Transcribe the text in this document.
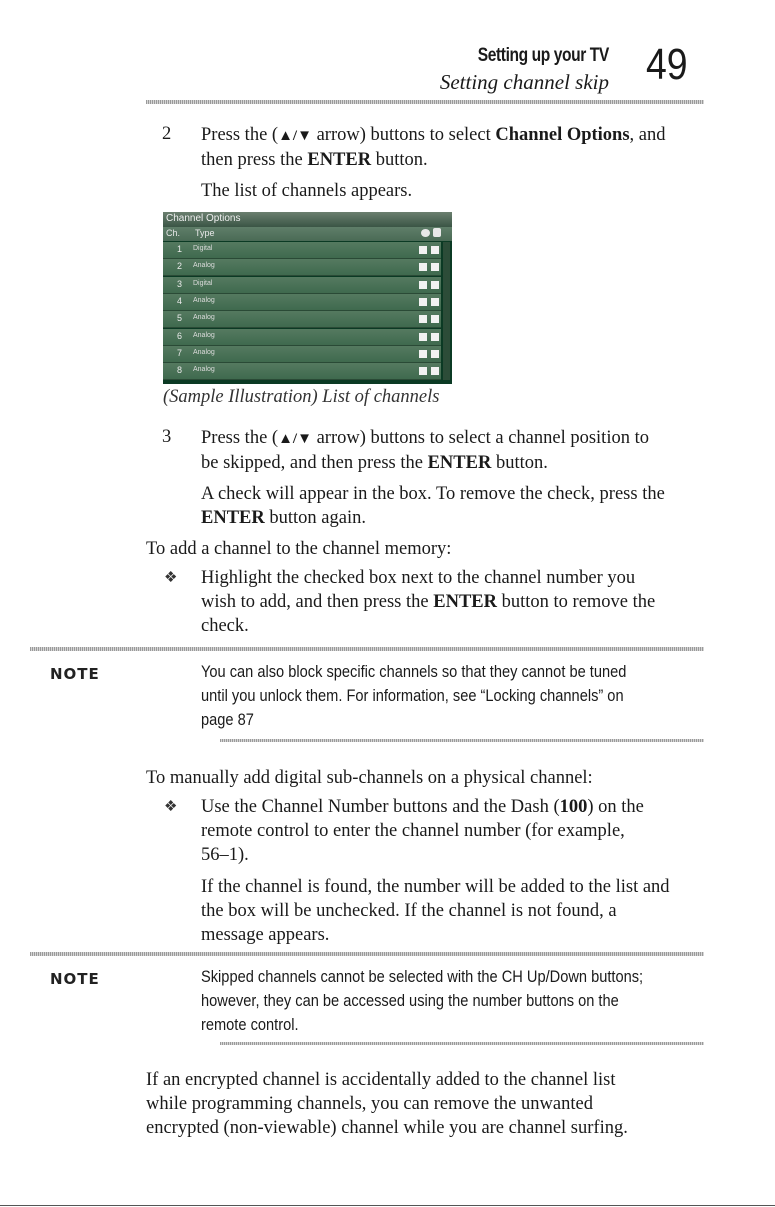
Setting up your TV
Setting channel skip 49
2 Press the (▲/▼ arrow) buttons to select Channel Options, and
then press the ENTER button.
The list of channels appears.
Channel Options
Ch. Type
1 Digital
2 Analog
3 Digital
4 Analog
5 Analog
6 Analog
7 Analog
8 Analog
(Sample Illustration) List of channels
3 Press the (▲/▼ arrow) buttons to select a channel position to
be skipped, and then press the ENTER button.
A check will appear in the box. To remove the check, press the
ENTER button again.
To add a channel to the channel memory:
❖ Highlight the checked box next to the channel number you
wish to add, and then press the ENTER button to remove the
check.
NOTE	You can also block specific channels so that they cannot be tuned
until you unlock them. For information, see “Locking channels” on
page 87
To manually add digital sub-channels on a physical channel:
❖ Use the Channel Number buttons and the Dash (100) on the
remote control to enter the channel number (for example,
56–1).
If the channel is found, the number will be added to the list and
the box will be unchecked. If the channel is not found, a
message appears.
NOTE	Skipped channels cannot be selected with the CH Up/Down buttons;
however, they can be accessed using the number buttons on the
remote control.
If an encrypted channel is accidentally added to the channel list
while programming channels, you can remove the unwanted
encrypted (non-viewable) channel while you are channel surfing.
